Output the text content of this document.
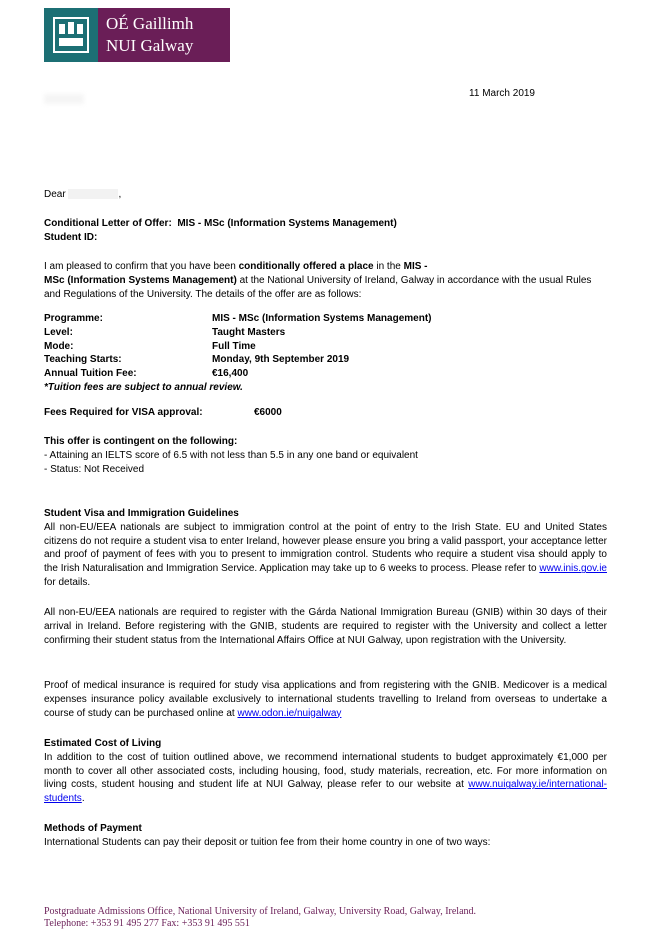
OÉ Gaillimh
NUI Galway
11 March 2019
Dear	,
Conditional Letter of Offer: MIS - MSc (Information Systems Management)
Student ID:
I am pleased to confirm that you have been conditionally offered a place in the MIS -
MSc (Information Systems Management) at the National University of Ireland, Galway in accordance with the usual Rules and Regulations of the University. The details of the offer are as follows:
Programme:	MIS - MSc (Information Systems Management)
Level:	Taught Masters
Mode:	Full Time
Teaching Starts:	Monday, 9th September 2019
Annual Tuition Fee:	€16,400
*Tuition fees are subject to annual review.
Fees Required for VISA approval:	€6000
This offer is contingent on the following:
- Attaining an IELTS score of 6.5 with not less than 5.5 in any one band or equivalent
- Status: Not Received
Student Visa and Immigration Guidelines
All non-EU/EEA nationals are subject to immigration control at the point of entry to the Irish State. EU and United States citizens do not require a student visa to enter Ireland, however please ensure you bring a valid passport, your acceptance letter and proof of payment of fees with you to present to immigration control. Students who require a student visa should apply to the Irish Naturalisation and Immigration Service. Application may take up to 6 weeks to process. Please refer to www.inis.gov.ie for details.
All non-EU/EEA nationals are required to register with the Gárda National Immigration Bureau (GNIB) within 30 days of their arrival in Ireland. Before registering with the GNIB, students are required to register with the University and collect a letter confirming their student status from the International Affairs Office at NUI Galway, upon registration with the University.
Proof of medical insurance is required for study visa applications and from registering with the GNIB. Medicover is a medical expenses insurance policy available exclusively to international students travelling to Ireland from overseas to undertake a course of study can be purchased online at www.odon.ie/nuigalway
Estimated Cost of Living
In addition to the cost of tuition outlined above, we recommend international students to budget approximately €1,000 per month to cover all other associated costs, including housing, food, study materials, recreation, etc. For more information on living costs, student housing and student life at NUI Galway, please refer to our website at www.nuigalway.ie/international-students.
Methods of Payment
International Students can pay their deposit or tuition fee from their home country in one of two ways:
Postgraduate Admissions Office, National University of Ireland, Galway, University Road, Galway, Ireland.
Telephone: +353 91 495 277 Fax: +353 91 495 551
